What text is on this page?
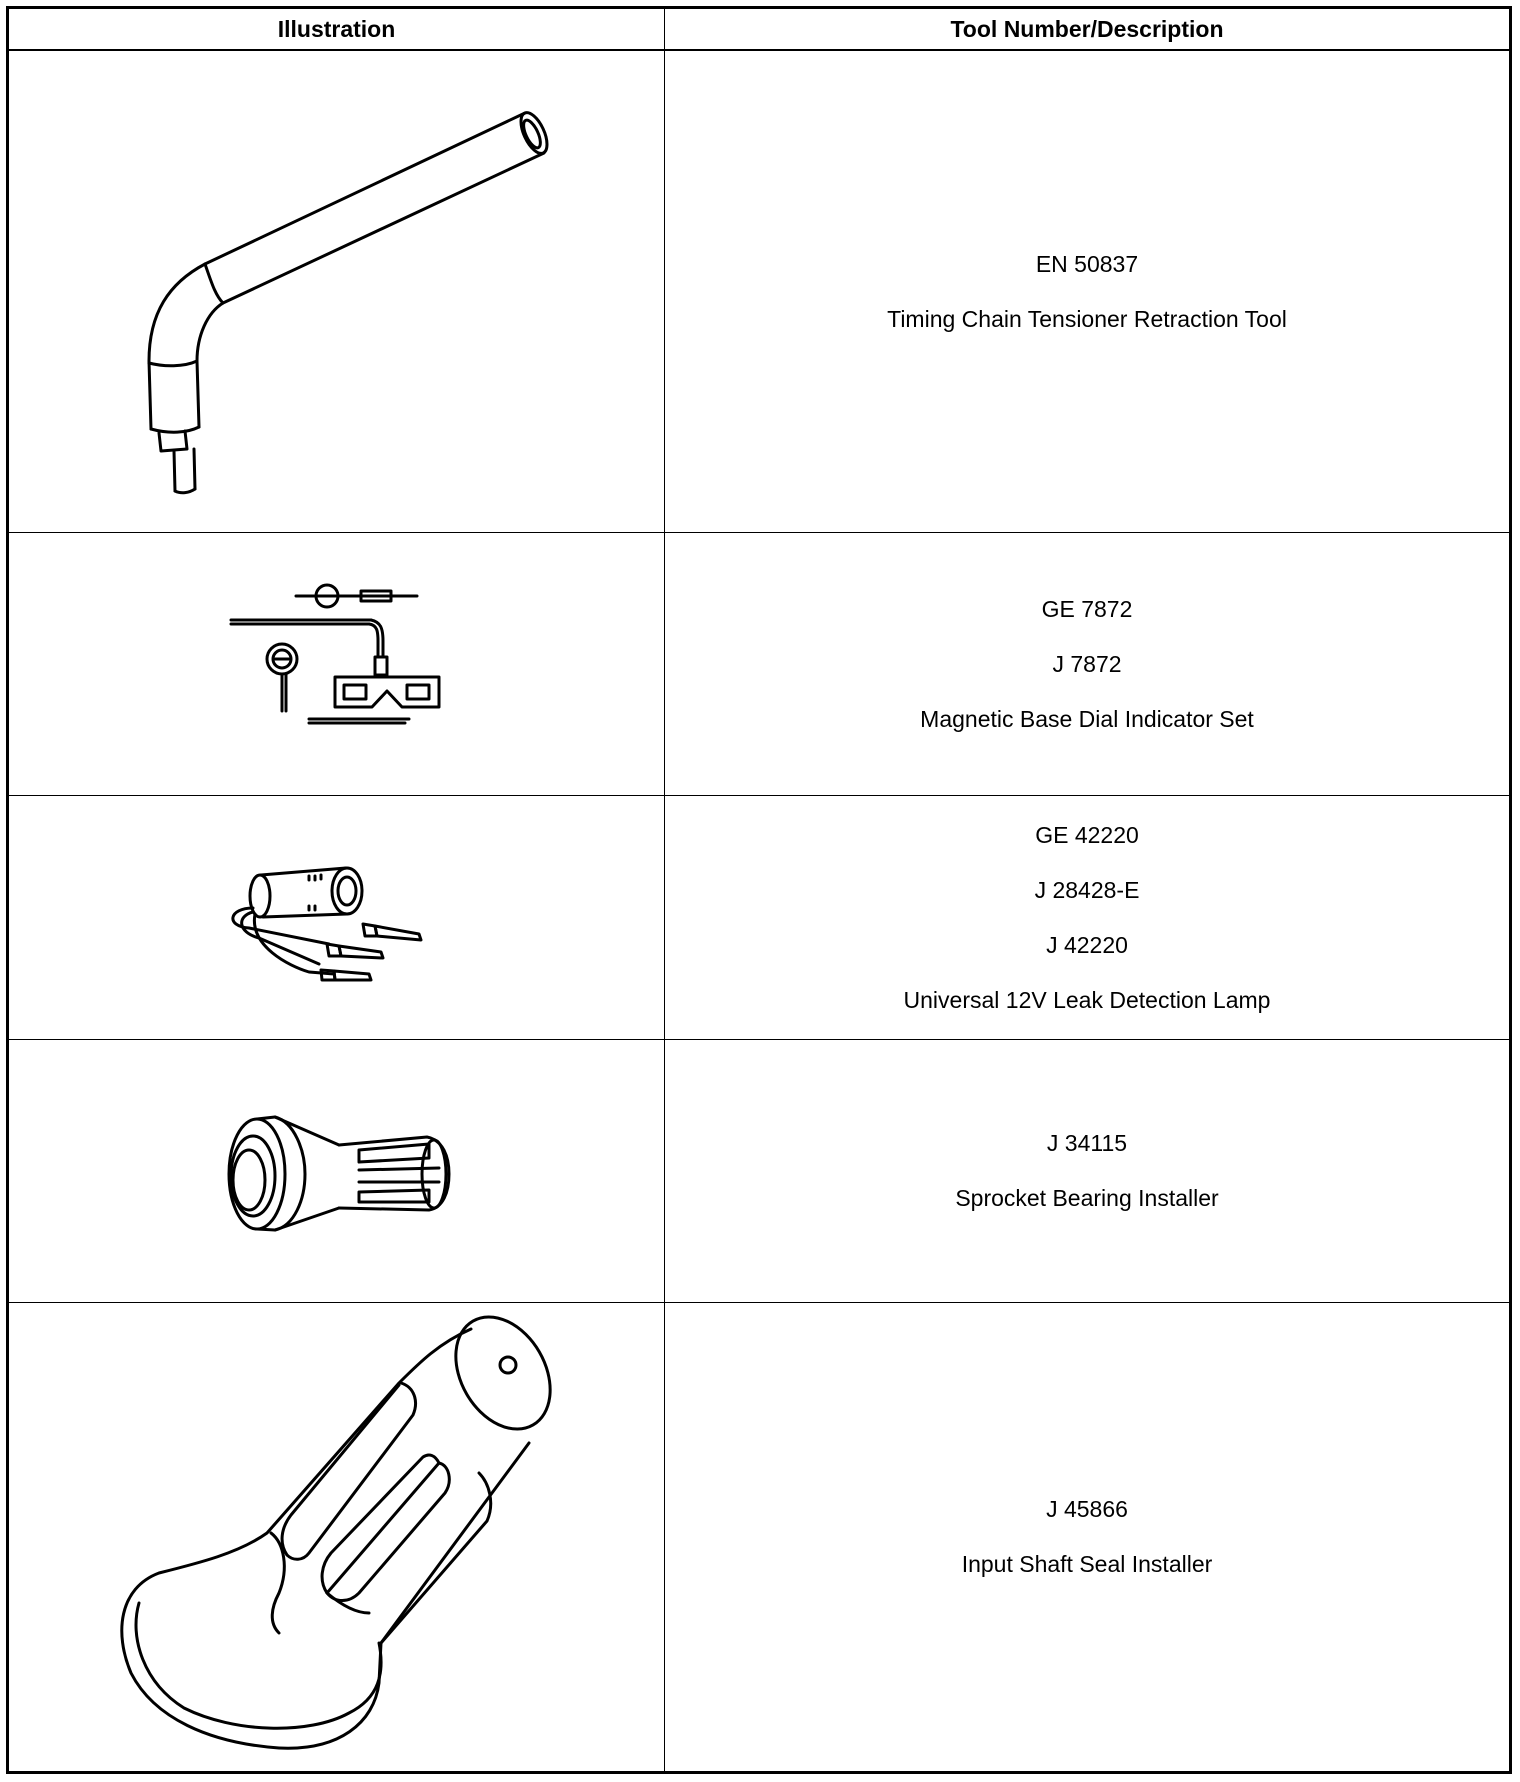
Illustration	Tool Number/Description
EN 50837
Timing Chain Tensioner Retraction Tool
GE 7872
J 7872
Magnetic Base Dial Indicator Set
GE 42220
J 28428-E
J 42220
Universal 12V Leak Detection Lamp
J 34115
Sprocket Bearing Installer
J 45866
Input Shaft Seal Installer
